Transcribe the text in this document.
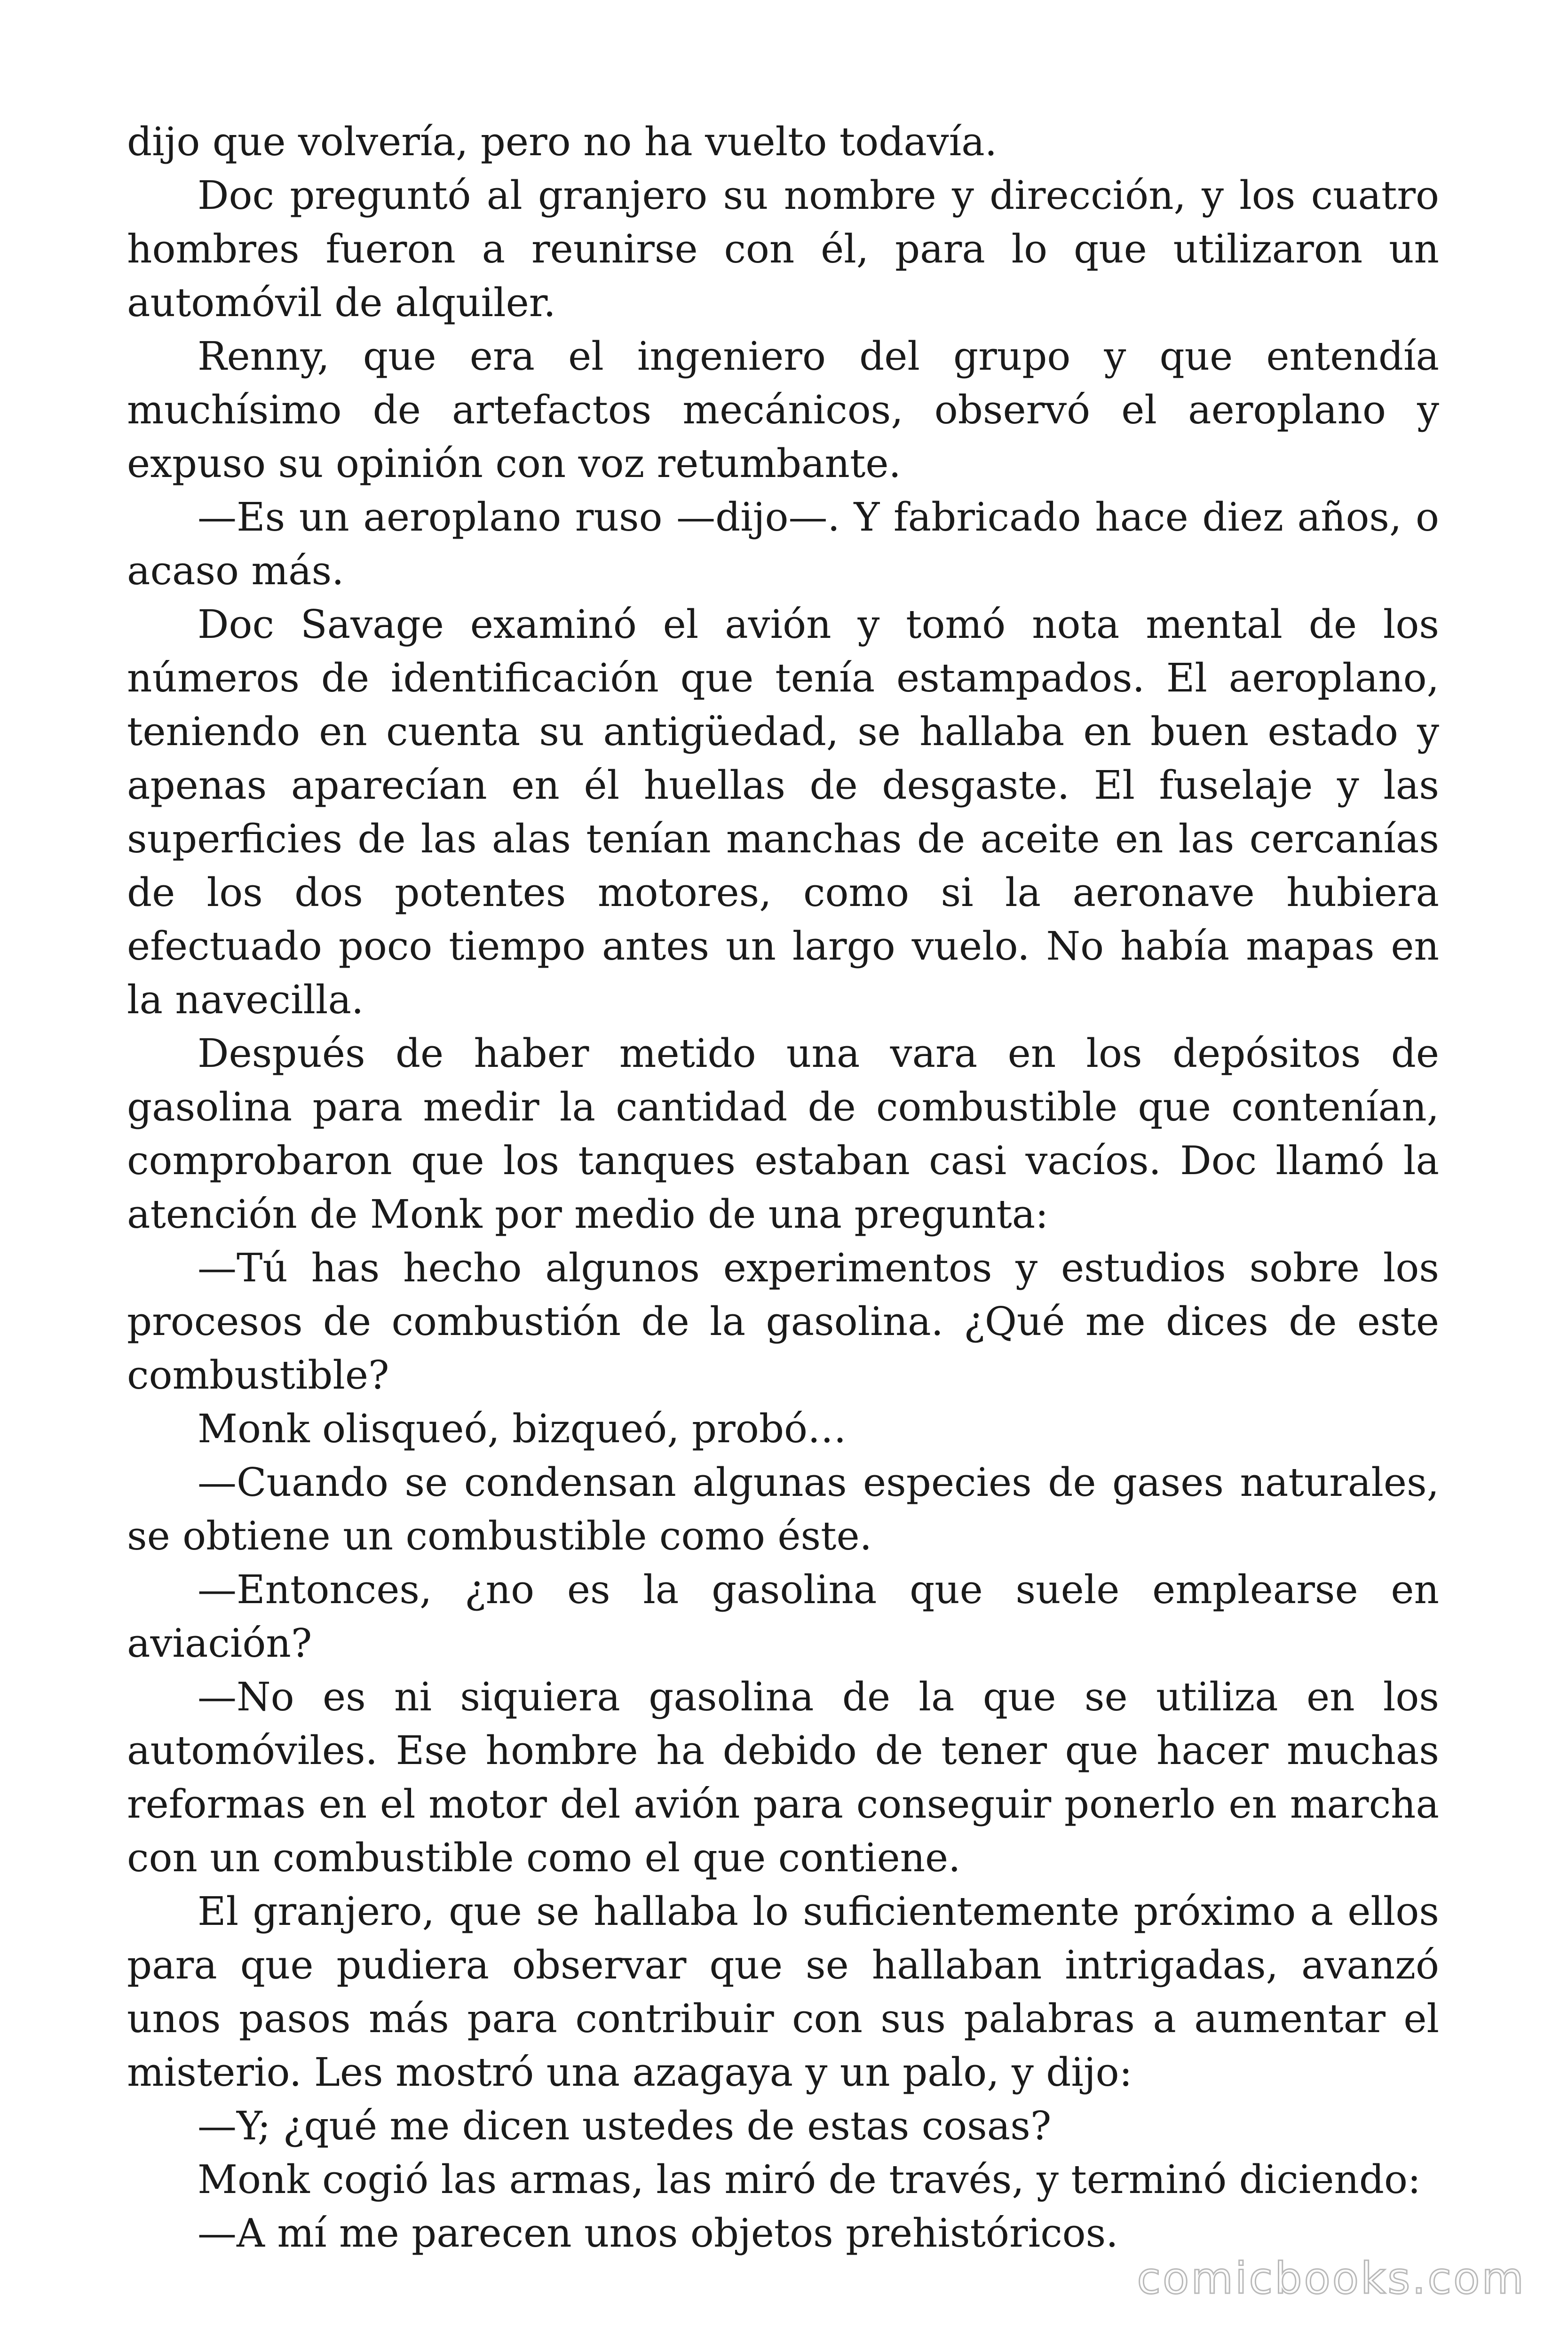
dijo que volvería, pero no ha vuelto todavía.

Doc preguntó al granjero su nombre y dirección, y los cuatro hombres fueron a reunirse con él, para lo que utilizaron un automóvil de alquiler.

Renny, que era el ingeniero del grupo y que entendía muchísimo de artefactos mecánicos, observó el aeroplano y expuso su opinión con voz retumbante.

—Es un aeroplano ruso —dijo—. Y fabricado hace diez años, o acaso más.

Doc Savage examinó el avión y tomó nota mental de los números de identificación que tenía estampados. El aeroplano, teniendo en cuenta su antigüedad, se hallaba en buen estado y apenas aparecían en él huellas de desgaste. El fuselaje y las superficies de las alas tenían manchas de aceite en las cercanías de los dos potentes motores, como si la aeronave hubiera efectuado poco tiempo antes un largo vuelo. No había mapas en la navecilla.

Después de haber metido una vara en los depósitos de gasolina para medir la cantidad de combustible que contenían, comprobaron que los tanques estaban casi vacíos. Doc llamó la atención de Monk por medio de una pregunta:

—Tú has hecho algunos experimentos y estudios sobre los procesos de combustión de la gasolina. ¿Qué me dices de este combustible?

Monk olisqueó, bizqueó, probó…

—Cuando se condensan algunas especies de gases naturales, se obtiene un combustible como éste.

—Entonces, ¿no es la gasolina que suele emplearse en aviación?

—No es ni siquiera gasolina de la que se utiliza en los automóviles. Ese hombre ha debido de tener que hacer muchas reformas en el motor del avión para conseguir ponerlo en marcha con un combustible como el que contiene.

El granjero, que se hallaba lo suficientemente próximo a ellos para que pudiera observar que se hallaban intrigadas, avanzó unos pasos más para contribuir con sus palabras a aumentar el misterio. Les mostró una azagaya y un palo, y dijo:

—Y; ¿qué me dicen ustedes de estas cosas?

Monk cogió las armas, las miró de través, y terminó diciendo:

—A mí me parecen unos objetos prehistóricos.

comicbooks.com
